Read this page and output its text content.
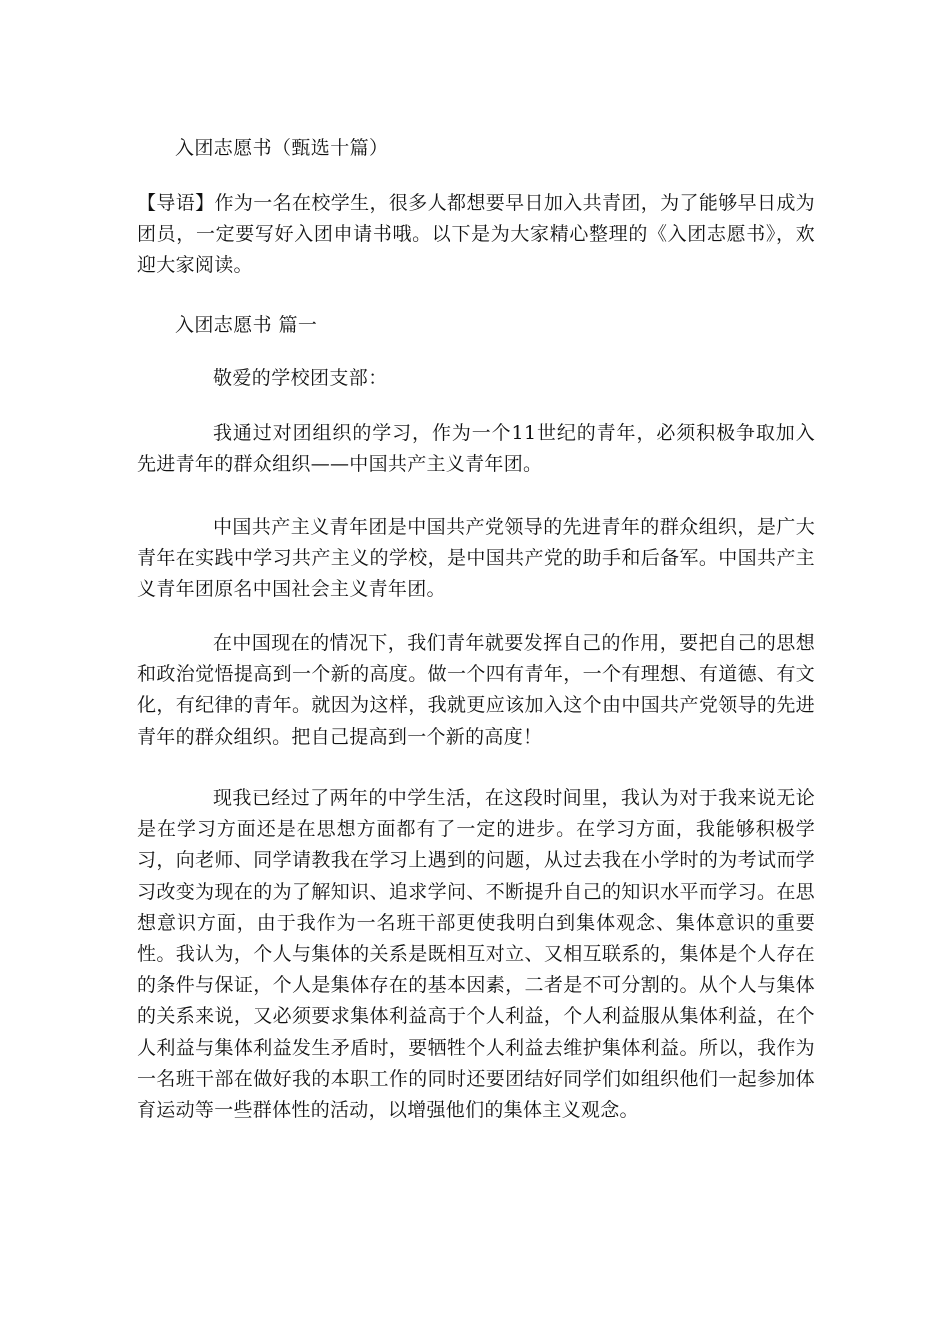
入团志愿书（甄选十篇）

【导语】作为一名在校学生，很多人都想要早日加入共青团，为了能够早日成为团员，一定要写好入团申请书哦。以下是为大家精心整理的《入团志愿书》，欢迎大家阅读。

入团志愿书 篇一
敬爱的学校团支部：

我通过对团组织的学习，作为一个11世纪的青年，必须积极争取加入先进青年的群众组织——中国共产主义青年团。

中国共产主义青年团是中国共产党领导的先进青年的群众组织，是广大青年在实践中学习共产主义的学校，是中国共产党的助手和后备军。中国共产主义青年团原名中国社会主义青年团。

在中国现在的情况下，我们青年就要发挥自己的作用，要把自己的思想和政治觉悟提高到一个新的高度。做一个四有青年，一个有理想、有道德、有文化，有纪律的青年。就因为这样，我就更应该加入这个由中国共产党领导的先进青年的群众组织。把自己提高到一个新的高度！

现我已经过了两年的中学生活，在这段时间里，我认为对于我来说无论是在学习方面还是在思想方面都有了一定的进步。在学习方面，我能够积极学习，向老师、同学请教我在学习上遇到的问题，从过去我在小学时的为考试而学习改变为现在的为了解知识、追求学问、不断提升自己的知识水平而学习。在思想意识方面，由于我作为一名班干部更使我明白到集体观念、集体意识的重要性。我认为，个人与集体的关系是既相互对立、又相互联系的，集体是个人存在的条件与保证，个人是集体存在的基本因素，二者是不可分割的。从个人与集体的关系来说，又必须要求集体利益高于个人利益，个人利益服从集体利益，在个人利益与集体利益发生矛盾时，要牺牲个人利益去维护集体利益。所以，我作为一名班干部在做好我的本职工作的同时还要团结好同学们如组织他们一起参加体育运动等一些群体性的活动，以增强他们的集体主义观念。
